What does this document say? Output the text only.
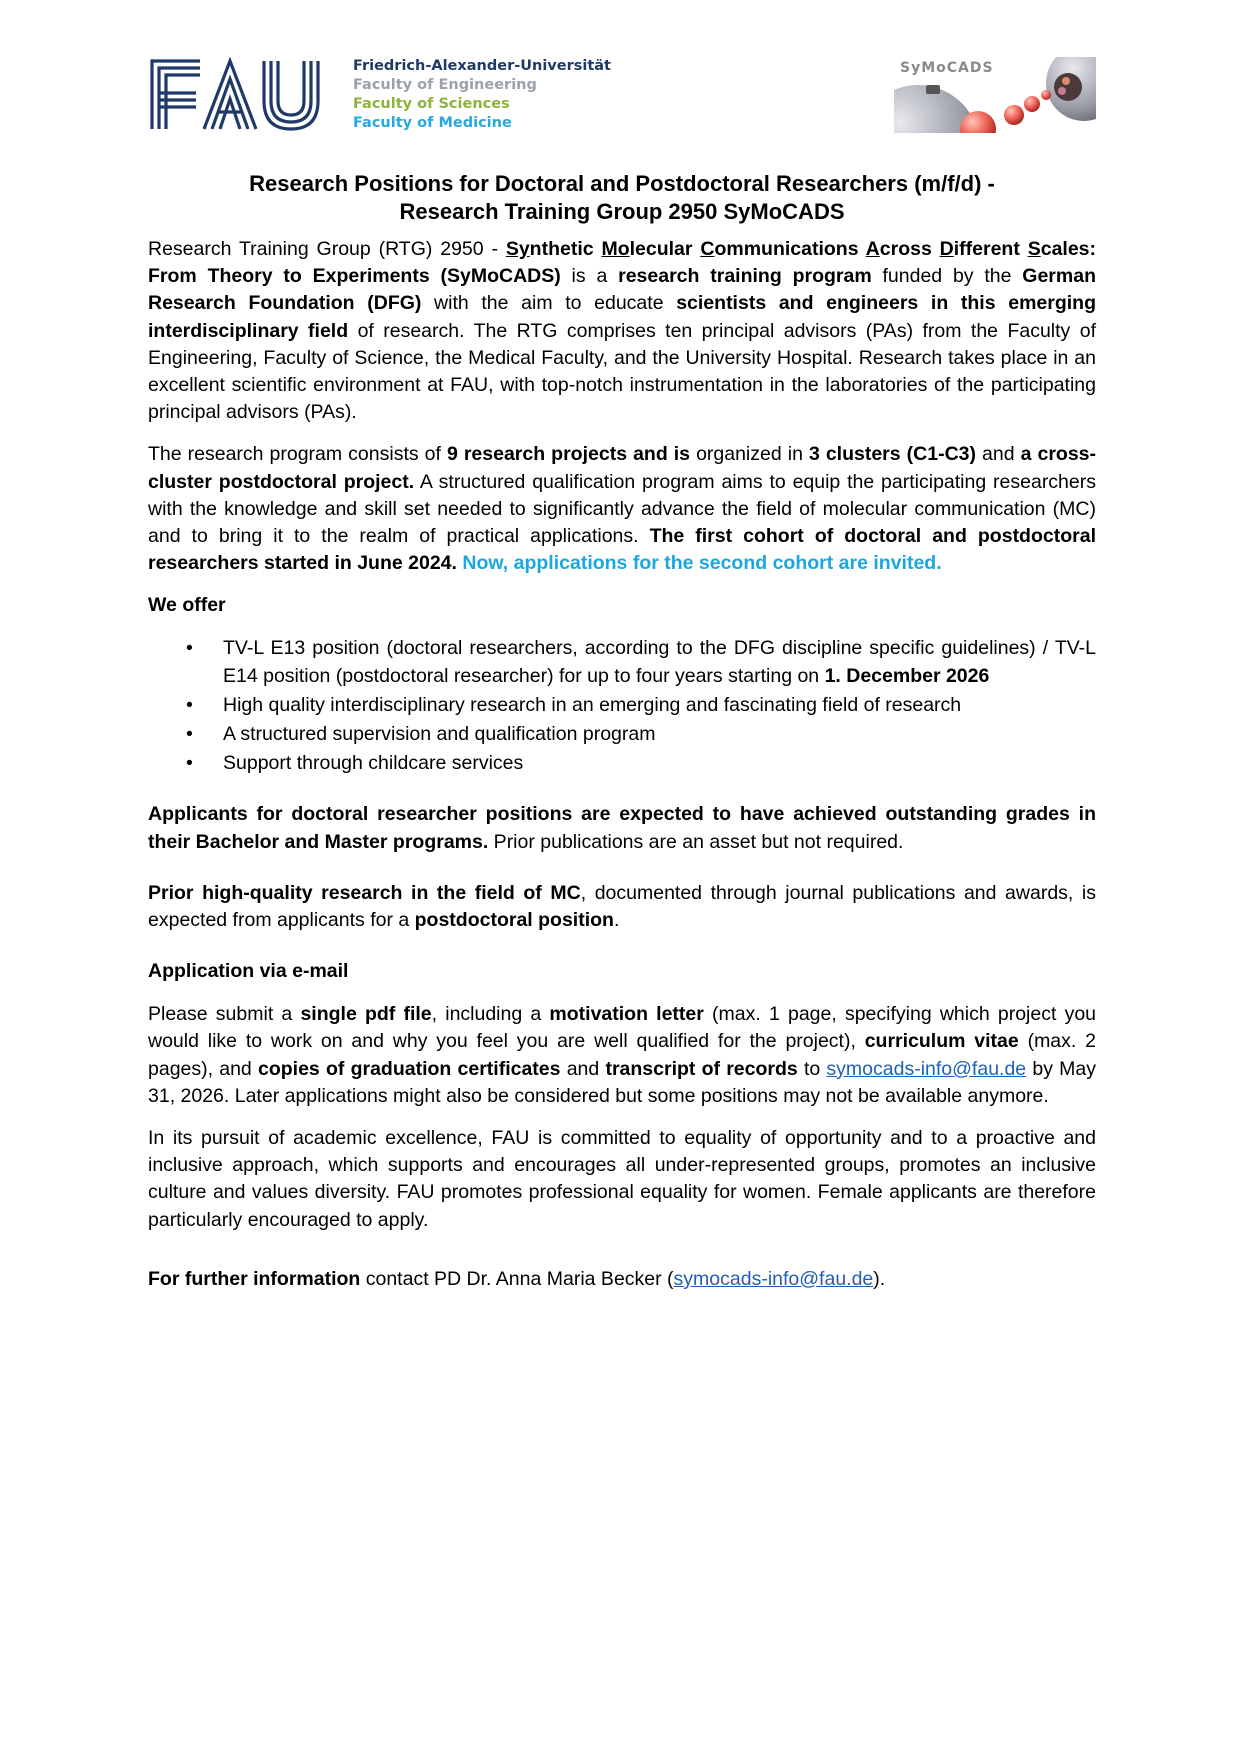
Friedrich-Alexander-Universität
Faculty of Engineering
Faculty of Sciences
Faculty of Medicine
SyMoCADS
Research Positions for Doctoral and Postdoctoral Researchers (m/f/d) -
Research Training Group 2950 SyMoCADS

Research Training Group (RTG) 2950 - Synthetic Molecular Communications Across Different Scales: From Theory to Experiments (SyMoCADS) is a research training program funded by the German Research Foundation (DFG) with the aim to educate scientists and engineers in this emerging interdisciplinary field of research. The RTG comprises ten principal advisors (PAs) from the Faculty of Engineering, Faculty of Science, the Medical Faculty, and the University Hospital. Research takes place in an excellent scientific environment at FAU, with top-notch instrumentation in the laboratories of the participating principal advisors (PAs).

The research program consists of 9 research projects and is organized in 3 clusters (C1-C3) and a cross-cluster postdoctoral project. A structured qualification program aims to equip the participating researchers with the knowledge and skill set needed to significantly advance the field of molecular communication (MC) and to bring it to the realm of practical applications. The first cohort of doctoral and postdoctoral researchers started in June 2024. Now, applications for the second cohort are invited.

We offer
• TV-L E13 position (doctoral researchers, according to the DFG discipline specific guidelines) / TV-L E14 position (postdoctoral researcher) for up to four years starting on 1. December 2026
• High quality interdisciplinary research in an emerging and fascinating field of research
• A structured supervision and qualification program
• Support through childcare services

Applicants for doctoral researcher positions are expected to have achieved outstanding grades in their Bachelor and Master programs. Prior publications are an asset but not required.

Prior high-quality research in the field of MC, documented through journal publications and awards, is expected from applicants for a postdoctoral position.

Application via e-mail

Please submit a single pdf file, including a motivation letter (max. 1 page, specifying which project you would like to work on and why you feel you are well qualified for the project), curriculum vitae (max. 2 pages), and copies of graduation certificates and transcript of records to symocads-info@fau.de by May 31, 2026. Later applications might also be considered but some positions may not be available anymore.

In its pursuit of academic excellence, FAU is committed to equality of opportunity and to a proactive and inclusive approach, which supports and encourages all under-represented groups, promotes an inclusive culture and values diversity. FAU promotes professional equality for women. Female applicants are therefore particularly encouraged to apply.

For further information contact PD Dr. Anna Maria Becker (symocads-info@fau.de).
